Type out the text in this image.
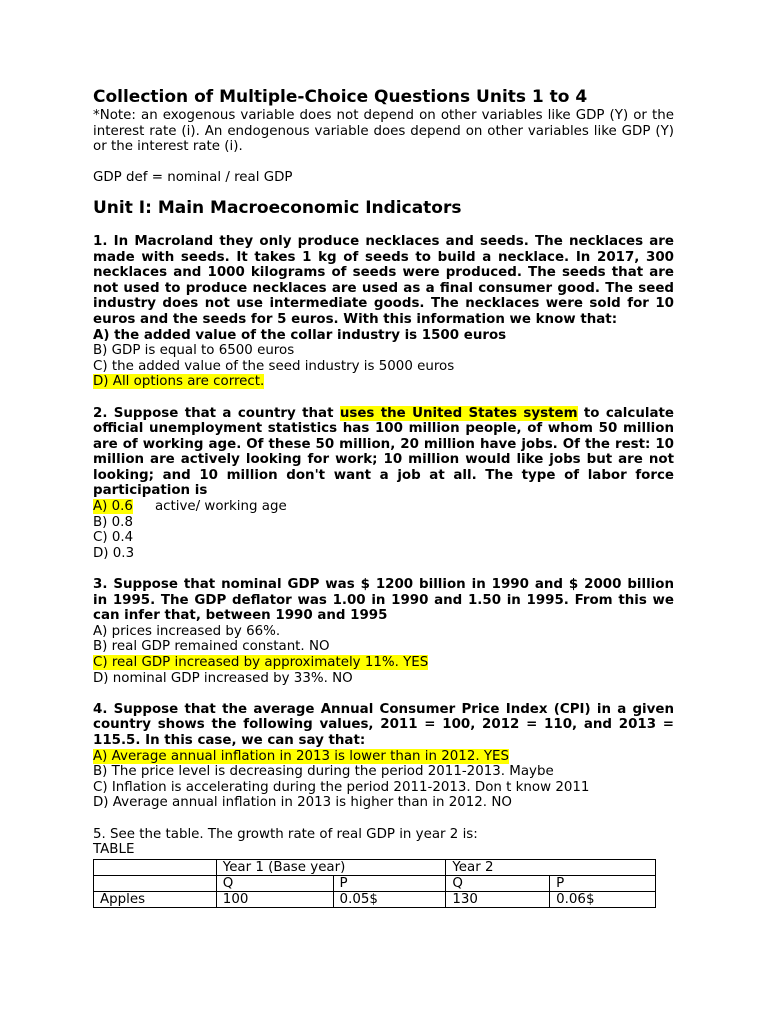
Collection of Multiple-Choice Questions Units 1 to 4

*Note: an exogenous variable does not depend on other variables like GDP (Y) or the interest rate (i). An endogenous variable does depend on other variables like GDP (Y) or the interest rate (i).

GDP def = nominal / real GDP

Unit I: Main Macroeconomic Indicators

1. In Macroland they only produce necklaces and seeds. The necklaces are made with seeds. It takes 1 kg of seeds to build a necklace. In 2017, 300 necklaces and 1000 kilograms of seeds were produced. The seeds that are not used to produce necklaces are used as a final consumer good. The seed industry does not use intermediate goods. The necklaces were sold for 10 euros and the seeds for 5 euros. With this information we know that:

A) the added value of the collar industry is 1500 euros

B) GDP is equal to 6500 euros

C) the added value of the seed industry is 5000 euros

D) All options are correct.

2. Suppose that a country that uses the United States system to calculate official unemployment statistics has 100 million people, of whom 50 million are of working age. Of these 50 million, 20 million have jobs. Of the rest: 10 million are actively looking for work; 10 million would like jobs but are not looking; and 10 million don't want a job at all. The type of labor force participation is

A) 0.6 active/ working age

B) 0.8

C) 0.4

D) 0.3

3. Suppose that nominal GDP was $ 1200 billion in 1990 and $ 2000 billion in 1995. The GDP deflator was 1.00 in 1990 and 1.50 in 1995. From this we can infer that, between 1990 and 1995

A) prices increased by 66%.

B) real GDP remained constant. NO

C) real GDP increased by approximately 11%. YES

D) nominal GDP increased by 33%. NO

4. Suppose that the average Annual Consumer Price Index (CPI) in a given country shows the following values, 2011 = 100, 2012 = 110, and 2013 = 115.5. In this case, we can say that:

A) Average annual inflation in 2013 is lower than in 2012. YES

B) The price level is decreasing during the period 2011-2013. Maybe

C) Inflation is accelerating during the period 2011-2013. Don t know 2011

D) Average annual inflation in 2013 is higher than in 2012. NO

5. See the table. The growth rate of real GDP in year 2 is:

TABLE

	Year 1 (Base year)		Year 2	
	Q	P	Q	P
Apples	100	0.05$	130	0.06$
